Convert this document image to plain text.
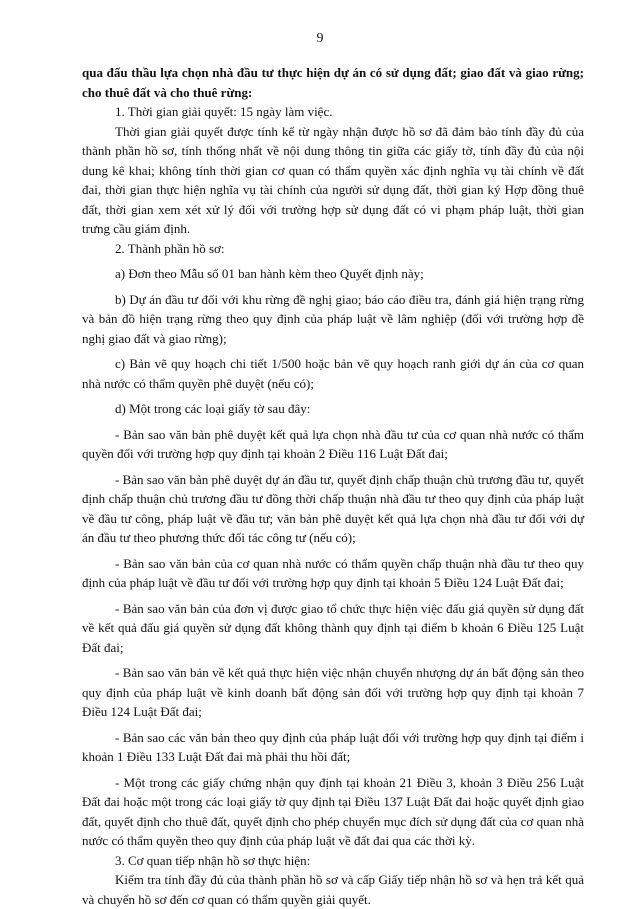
9

qua đấu thầu lựa chọn nhà đầu tư thực hiện dự án có sử dụng đất; giao đất và giao rừng; cho thuê đất và cho thuê rừng:

1. Thời gian giải quyết: 15 ngày làm việc.

Thời gian giải quyết được tính kể từ ngày nhận được hồ sơ đã đảm bảo tính đầy đủ của thành phần hồ sơ, tính thống nhất về nội dung thông tin giữa các giấy tờ, tính đầy đủ của nội dung kê khai; không tính thời gian cơ quan có thẩm quyền xác định nghĩa vụ tài chính về đất đai, thời gian thực hiện nghĩa vụ tài chính của người sử dụng đất, thời gian ký Hợp đồng thuê đất, thời gian xem xét xử lý đối với trường hợp sử dụng đất có vi phạm pháp luật, thời gian trưng cầu giám định.

2. Thành phần hồ sơ:

a) Đơn theo Mẫu số 01 ban hành kèm theo Quyết định này;

b) Dự án đầu tư đối với khu rừng đề nghị giao; báo cáo điều tra, đánh giá hiện trạng rừng và bản đồ hiện trạng rừng theo quy định của pháp luật về lâm nghiệp (đối với trường hợp đề nghị giao đất và giao rừng);

c) Bản vẽ quy hoạch chi tiết 1/500 hoặc bản vẽ quy hoạch ranh giới dự án của cơ quan nhà nước có thẩm quyền phê duyệt (nếu có);

d) Một trong các loại giấy tờ sau đây:

- Bản sao văn bản phê duyệt kết quả lựa chọn nhà đầu tư của cơ quan nhà nước có thẩm quyền đối với trường hợp quy định tại khoản 2 Điều 116 Luật Đất đai;

- Bản sao văn bản phê duyệt dự án đầu tư, quyết định chấp thuận chủ trương đầu tư, quyết định chấp thuận chủ trương đầu tư đồng thời chấp thuận nhà đầu tư theo quy định của pháp luật về đầu tư công, pháp luật về đầu tư; văn bản phê duyệt kết quả lựa chọn nhà đầu tư đối với dự án đầu tư theo phương thức đối tác công tư (nếu có);

- Bản sao văn bản của cơ quan nhà nước có thẩm quyền chấp thuận nhà đầu tư theo quy định của pháp luật về đầu tư đối với trường hợp quy định tại khoản 5 Điều 124 Luật Đất đai;

- Bản sao văn bản của đơn vị được giao tổ chức thực hiện việc đấu giá quyền sử dụng đất về kết quả đấu giá quyền sử dụng đất không thành quy định tại điểm b khoản 6 Điều 125 Luật Đất đai;

- Bản sao văn bản về kết quả thực hiện việc nhận chuyển nhượng dự án bất động sản theo quy định của pháp luật về kinh doanh bất động sản đối với trường hợp quy định tại khoản 7 Điều 124 Luật Đất đai;

- Bản sao các văn bản theo quy định của pháp luật đối với trường hợp quy định tại điểm i khoản 1 Điều 133 Luật Đất đai mà phải thu hồi đất;

- Một trong các giấy chứng nhận quy định tại khoản 21 Điều 3, khoản 3 Điều 256 Luật Đất đai hoặc một trong các loại giấy tờ quy định tại Điều 137 Luật Đất đai hoặc quyết định giao đất, quyết định cho thuê đất, quyết định cho phép chuyển mục đích sử dụng đất của cơ quan nhà nước có thẩm quyền theo quy định của pháp luật về đất đai qua các thời kỳ.

3. Cơ quan tiếp nhận hồ sơ thực hiện:

Kiểm tra tính đầy đủ của thành phần hồ sơ và cấp Giấy tiếp nhận hồ sơ và hẹn trả kết quả và chuyển hồ sơ đến cơ quan có thẩm quyền giải quyết.
